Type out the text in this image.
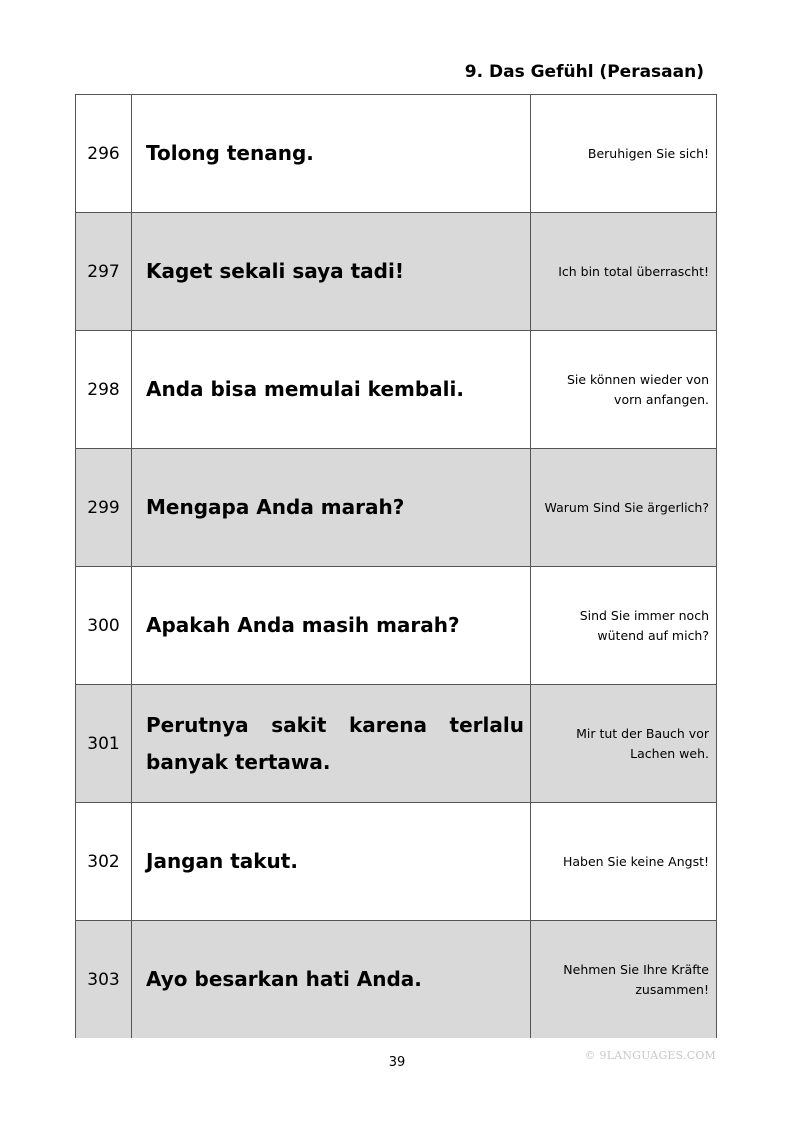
9. Das Gefühl (Perasaan)
296	Tolong tenang.	Beruhigen Sie sich!
297	Kaget sekali saya tadi!	Ich bin total überrascht!
298	Anda bisa memulai kembali.	Sie können wieder von vorn anfangen.
299	Mengapa Anda marah?	Warum Sind Sie ärgerlich?
300	Apakah Anda masih marah?	Sind Sie immer noch wütend auf mich?
301	Perutnya sakit karena terlalu banyak tertawa.	Mir tut der Bauch vor Lachen weh.
302	Jangan takut.	Haben Sie keine Angst!
303	Ayo besarkan hati Anda.	Nehmen Sie Ihre Kräfte zusammen!
39	© 9LANGUAGES.COM
